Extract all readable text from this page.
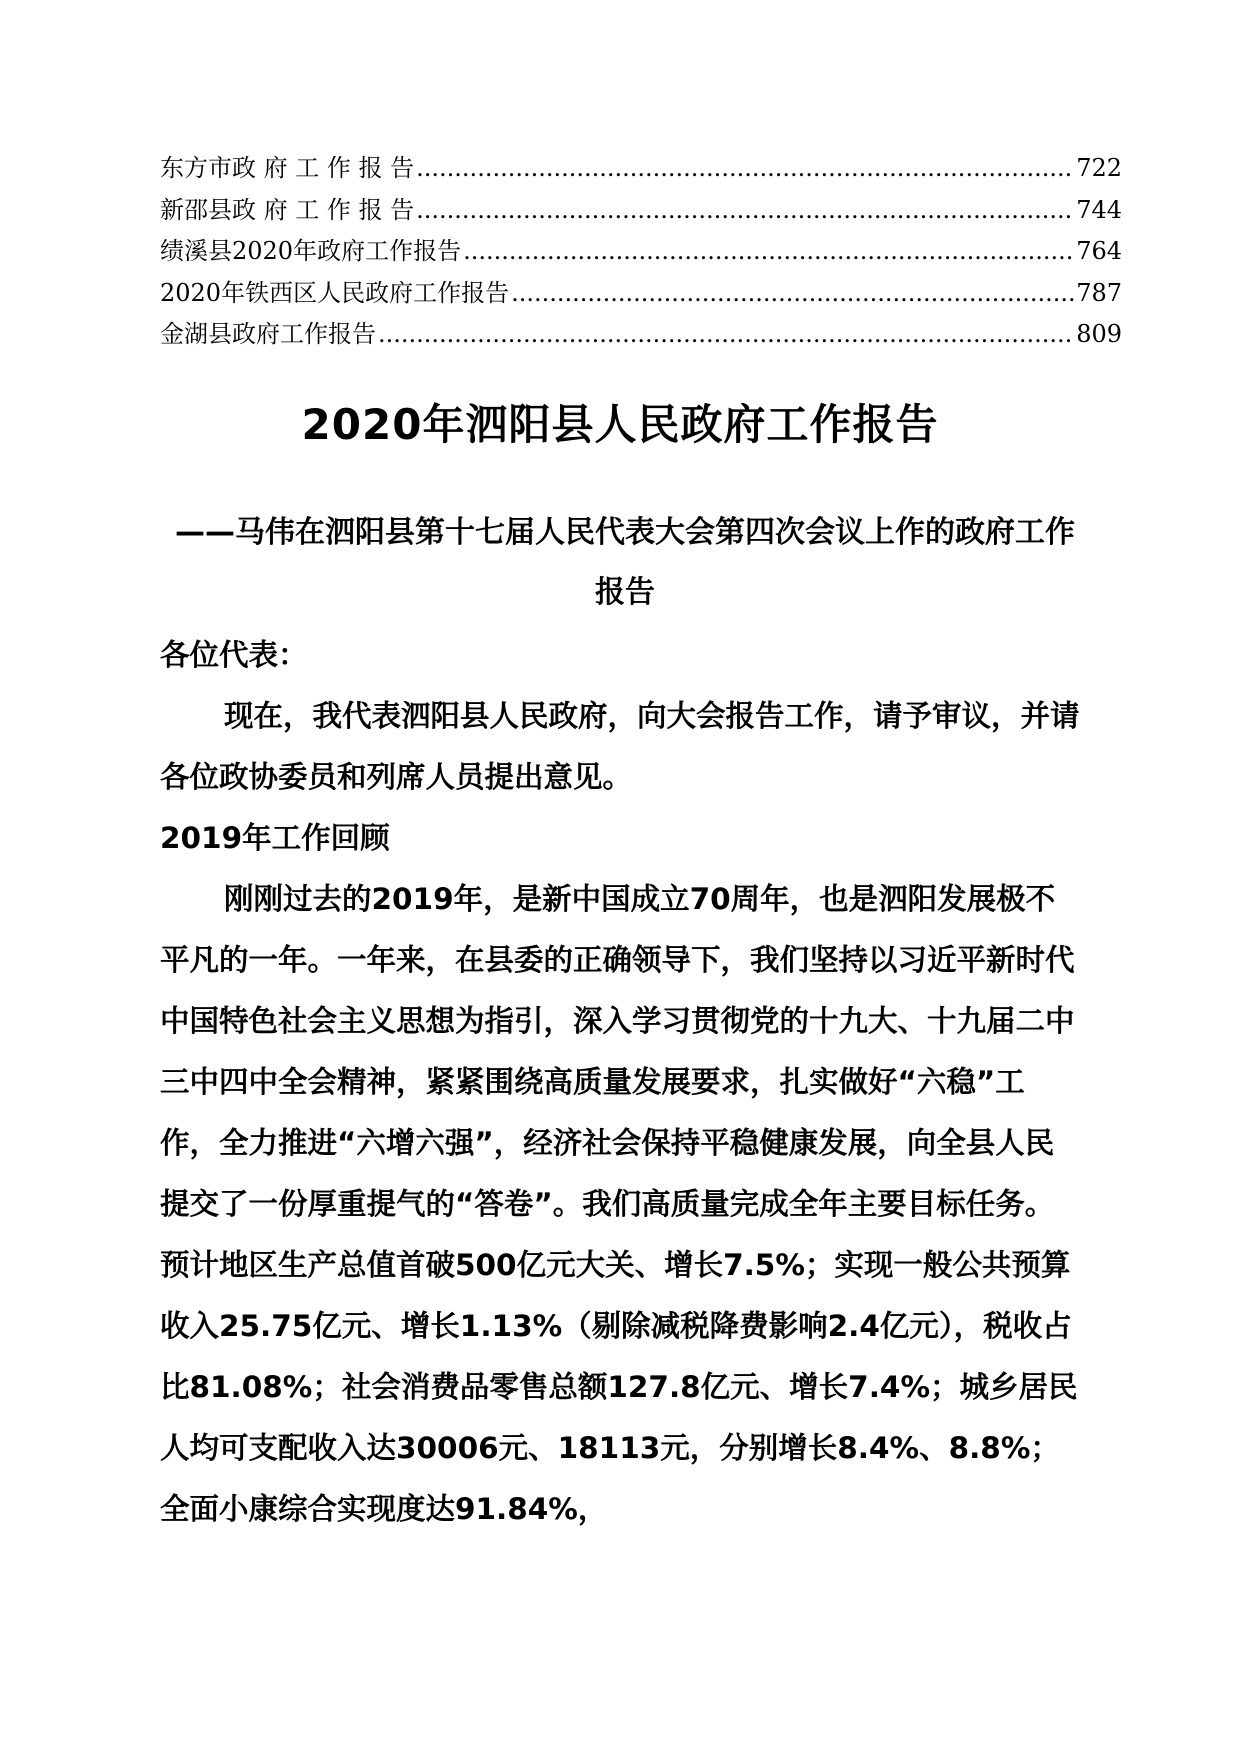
东方市政 府 工 作 报 告 .....	722
新邵县政 府 工 作 报 告 .....	744
绩溪县2020年政府工作报告 .....	764
2020年铁西区人民政府工作报告 .....	787
金湖县政府工作报告 .....	809
2020年泗阳县人民政府工作报告
——马伟在泗阳县第十七届人民代表大会第四次会议上作的政府工作报告

各位代表：

现在，我代表泗阳县人民政府，向大会报告工作，请予审议，并请各位政协委员和列席人员提出意见。

2019年工作回顾

刚刚过去的2019年，是新中国成立70周年，也是泗阳发展极不平凡的一年。一年来，在县委的正确领导下，我们坚持以习近平新时代中国特色社会主义思想为指引，深入学习贯彻党的十九大、十九届二中三中四中全会精神，紧紧围绕高质量发展要求，扎实做好“六稳”工作，全力推进“六增六强”，经济社会保持平稳健康发展，向全县人民提交了一份厚重提气的“答卷”。我们高质量完成全年主要目标任务。预计地区生产总值首破500亿元大关、增长7.5%；实现一般公共预算收入25.75亿元、增长1.13%（剔除减税降费影响2.4亿元），税收占比81.08%；社会消费品零售总额127.8亿元、增长7.4%；城乡居民人均可支配收入达30006元、18113元，分别增长8.4%、8.8%；全面小康综合实现度达91.84%，
